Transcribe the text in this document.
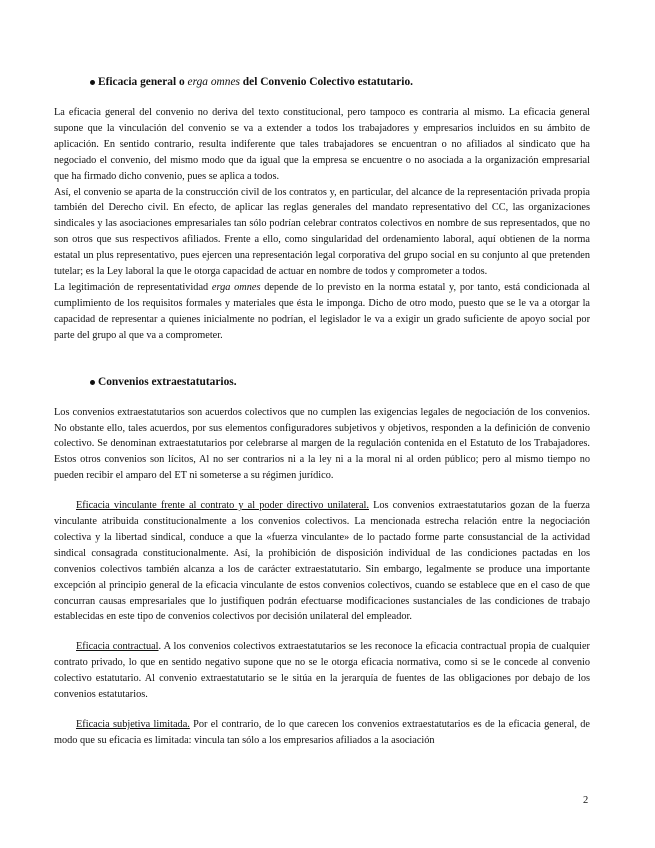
Eficacia general o erga omnes del Convenio Colectivo estatutario.

La eficacia general del convenio no deriva del texto constitucional, pero tampoco es contraria al mismo. La eficacia general supone que la vinculación del convenio se va a extender a todos los trabajadores y empresarios incluidos en su ámbito de aplicación. En sentido contrario, resulta indiferente que tales trabajadores se encuentran o no afiliados al sindicato que ha negociado el convenio, del mismo modo que da igual que la empresa se encuentre o no asociada a la organización empresarial que ha firmado dicho convenio, pues se aplica a todos.

Así, el convenio se aparta de la construcción civil de los contratos y, en particular, del alcance de la representación privada propia también del Derecho civil. En efecto, de aplicar las reglas generales del mandato representativo del CC, las organizaciones sindicales y las asociaciones empresariales tan sólo podrían celebrar contratos colectivos en nombre de sus representados, que no son otros que sus respectivos afiliados. Frente a ello, como singularidad del ordenamiento laboral, aquí obtienen de la norma estatal un plus representativo, pues ejercen una representación legal corporativa del grupo social en su conjunto al que pretenden tutelar; es la Ley laboral la que le otorga capacidad de actuar en nombre de todos y comprometer a todos.

La legitimación de representatividad erga omnes depende de lo previsto en la norma estatal y, por tanto, está condicionada al cumplimiento de los requisitos formales y materiales que ésta le imponga. Dicho de otro modo, puesto que se le va a otorgar la capacidad de representar a quienes inicialmente no podrían, el legislador le va a exigir un grado suficiente de apoyo social por parte del grupo al que va a comprometer.

Convenios extraestatutarios.

Los convenios extraestatutarios son acuerdos colectivos que no cumplen las exigencias legales de negociación de los convenios. No obstante ello, tales acuerdos, por sus elementos configuradores subjetivos y objetivos, responden a la definición de convenio colectivo. Se denominan extraestatutarios por celebrarse al margen de la regulación contenida en el Estatuto de los Trabajadores. Estos otros convenios son lícitos, Al no ser contrarios ni a la ley ni a la moral ni al orden público; pero al mismo tiempo no pueden recibir el amparo del ET ni someterse a su régimen jurídico.

Eficacia vinculante frente al contrato y al poder directivo unilateral. Los convenios extraestatutarios gozan de la fuerza vinculante atribuida constitucionalmente a los convenios colectivos. La mencionada estrecha relación entre la negociación colectiva y la libertad sindical, conduce a que la «fuerza vinculante» de lo pactado forme parte consustancial de la actividad sindical consagrada constitucionalmente. Así, la prohibición de disposición individual de las condiciones pactadas en los convenios colectivos también alcanza a los de carácter extraestatutario. Sin embargo, legalmente se produce una importante excepción al principio general de la eficacia vinculante de estos convenios colectivos, cuando se establece que en el caso de que concurran causas empresariales que lo justifiquen podrán efectuarse modificaciones sustanciales de las condiciones de trabajo establecidas en este tipo de convenios colectivos por decisión unilateral del empleador.

Eficacia contractual. A los convenios colectivos extraestatutarios se les reconoce la eficacia contractual propia de cualquier contrato privado, lo que en sentido negativo supone que no se le otorga eficacia normativa, como si se le concede al convenio colectivo estatutario. Al convenio extraestatutario se le sitúa en la jerarquía de fuentes de las obligaciones por debajo de los convenios estatutarios.

Eficacia subjetiva limitada. Por el contrario, de lo que carecen los convenios extraestatutarios es de la eficacia general, de modo que su eficacia es limitada: vincula tan sólo a los empresarios afiliados a la asociación

2
